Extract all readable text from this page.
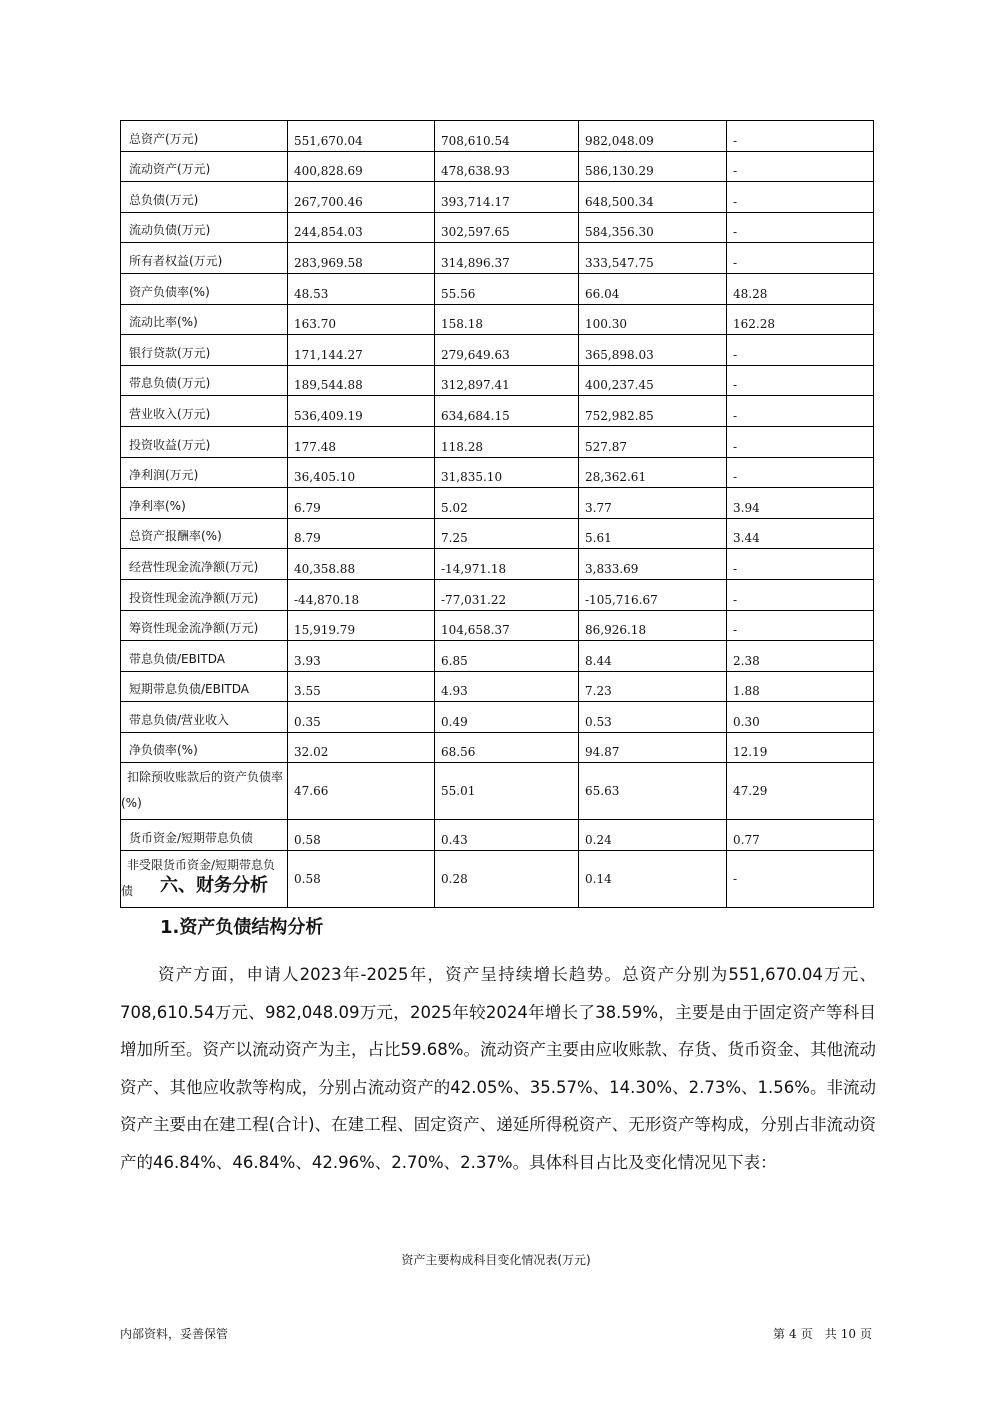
总资产(万元)	551,670.04	708,610.54	982,048.09	-
流动资产(万元)	400,828.69	478,638.93	586,130.29	-
总负债(万元)	267,700.46	393,714.17	648,500.34	-
流动负债(万元)	244,854.03	302,597.65	584,356.30	-
所有者权益(万元)	283,969.58	314,896.37	333,547.75	-
资产负债率(%)	48.53	55.56	66.04	48.28
流动比率(%)	163.70	158.18	100.30	162.28
银行贷款(万元)	171,144.27	279,649.63	365,898.03	-
带息负债(万元)	189,544.88	312,897.41	400,237.45	-
营业收入(万元)	536,409.19	634,684.15	752,982.85	-
投资收益(万元)	177.48	118.28	527.87	-
净利润(万元)	36,405.10	31,835.10	28,362.61	-
净利率(%)	6.79	5.02	3.77	3.94
总资产报酬率(%)	8.79	7.25	5.61	3.44
经营性现金流净额(万元)	40,358.88	-14,971.18	3,833.69	-
投资性现金流净额(万元)	-44,870.18	-77,031.22	-105,716.67	-
筹资性现金流净额(万元)	15,919.79	104,658.37	86,926.18	-
带息负债/EBITDA	3.93	6.85	8.44	2.38
短期带息负债/EBITDA	3.55	4.93	7.23	1.88
带息负债/营业收入	0.35	0.49	0.53	0.30
净负债率(%)	32.02	68.56	94.87	12.19
扣除预收账款后的资产负债率(%)	47.66	55.01	65.63	47.29
货币资金/短期带息负债	0.58	0.43	0.24	0.77
非受限货币资金/短期带息负债	0.58	0.28	0.14	-
六、财务分析
1.资产负债结构分析

资产方面，申请人2023年-2025年，资产呈持续增长趋势。总资产分别为551,670.04万元、708,610.54万元、982,048.09万元，2025年较2024年增长了38.59%，主要是由于固定资产等科目增加所至。资产以流动资产为主，占比59.68%。流动资产主要由应收账款、存货、货币资金、其他流动资产、其他应收款等构成，分别占流动资产的42.05%、35.57%、14.30%、2.73%、1.56%。非流动资产主要由在建工程(合计)、在建工程、固定资产、递延所得税资产、无形资产等构成，分别占非流动资产的46.84%、46.84%、42.96%、2.70%、2.37%。具体科目占比及变化情况见下表：

资产主要构成科目变化情况表(万元)
内部资料，妥善保管	第 4 页　共 10 页
